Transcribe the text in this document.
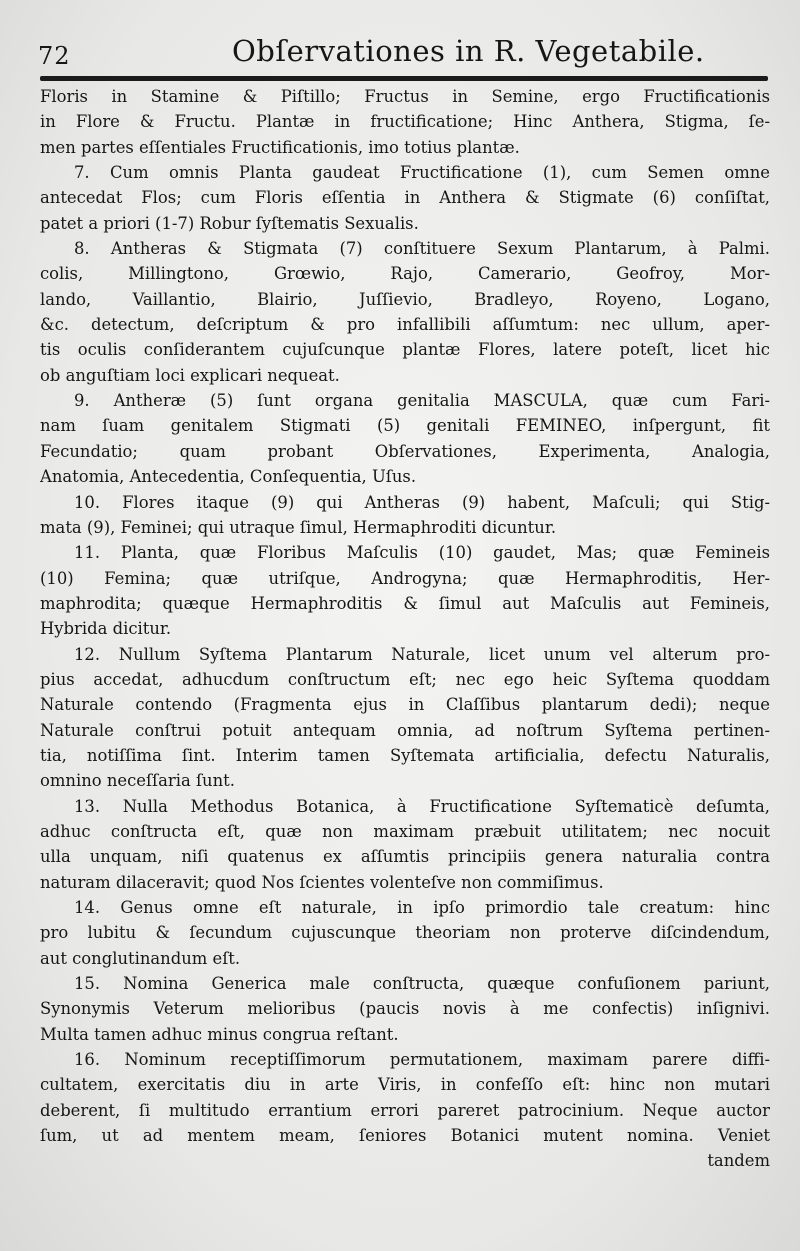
72	Obſervationes in R. Vegetabile.
Floris in Stamine & Piſtillo; Fructus in Semine, ergo Fructificationis
in Flore & Fructu. Plantæ in fructificatione; Hinc Anthera, Stigma, ſe-
men partes eſſentiales Fructificationis, imo totius plantæ.
7. Cum omnis Planta gaudeat Fructificatione (1), cum Semen omne
antecedat Flos; cum Floris eſſentia in Anthera & Stigmate (6) conſiſtat,
patet a priori (1-7) Robur ſyſtematis Sexualis.
8. Antheras & Stigmata (7) conſtituere Sexum Plantarum, à Palmi.
colis, Millingtono, Grœwio, Rajo, Camerario, Geofroy, Mor-
lando, Vaillantio, Blairio, Juſſievio, Bradleyo, Royeno, Logano,
&c. detectum, deſcriptum & pro infallibili aſſumtum: nec ullum, aper-
tis oculis conſiderantem cujuſcunque plantæ Flores, latere poteſt, licet hic
ob anguſtiam loci explicari nequeat.
9. Antheræ (5) ſunt organa genitalia MASCULA, quæ cum Fari-
nam ſuam genitalem Stigmati (5) genitali FEMINEO, inſpergunt, fit
Fecundatio; quam probant Obſervationes, Experimenta, Analogia,
Anatomia, Antecedentia, Conſequentia, Uſus.
10. Flores itaque (9) qui Antheras (9) habent, Maſculi; qui Stig-
mata (9), Feminei; qui utraque ſimul, Hermaphroditi dicuntur.
11. Planta, quæ Floribus Maſculis (10) gaudet, Mas; quæ Femineis
(10) Femina; quæ utriſque, Androgyna; quæ Hermaphroditis, Her-
maphrodita; quæque Hermaphroditis & ſimul aut Maſculis aut Femineis,
Hybrida dicitur.
12. Nullum Syſtema Plantarum Naturale, licet unum vel alterum pro-
pius accedat, adhucdum conſtructum eſt; nec ego heic Syſtema quoddam
Naturale contendo (Fragmenta ejus in Claſſibus plantarum dedi); neque
Naturale conſtrui potuit antequam omnia, ad noſtrum Syſtema pertinen-
tia, notiſſima ſint. Interim tamen Syſtemata artificialia, defectu Naturalis,
omnino neceſſaria ſunt.
13. Nulla Methodus Botanica, à Fructificatione Syſtematicè deſumta,
adhuc conſtructa eſt, quæ non maximam præbuit utilitatem; nec nocuit
ulla unquam, niſi quatenus ex aſſumtis principiis genera naturalia contra
naturam dilaceravit; quod Nos ſcientes volenteſve non commiſimus.
14. Genus omne eſt naturale, in ipſo primordio tale creatum: hinc
pro lubitu & ſecundum cujuscunque theoriam non proterve diſcindendum,
aut conglutinandum eſt.
15. Nomina Generica male conſtructa, quæque confuſionem pariunt,
Synonymis Veterum melioribus (paucis novis à me confectis) inſignivi.
Multa tamen adhuc minus congrua reſtant.
16. Nominum receptiſſimorum permutationem, maximam parere diffi-
cultatem, exercitatis diu in arte Viris, in confeſſo eſt: hinc non mutari
deberent, ſi multitudo errantium errori pareret patrocinium. Neque auctor
ſum, ut ad mentem meam, ſeniores Botanici mutent nomina. Veniet
tandem
